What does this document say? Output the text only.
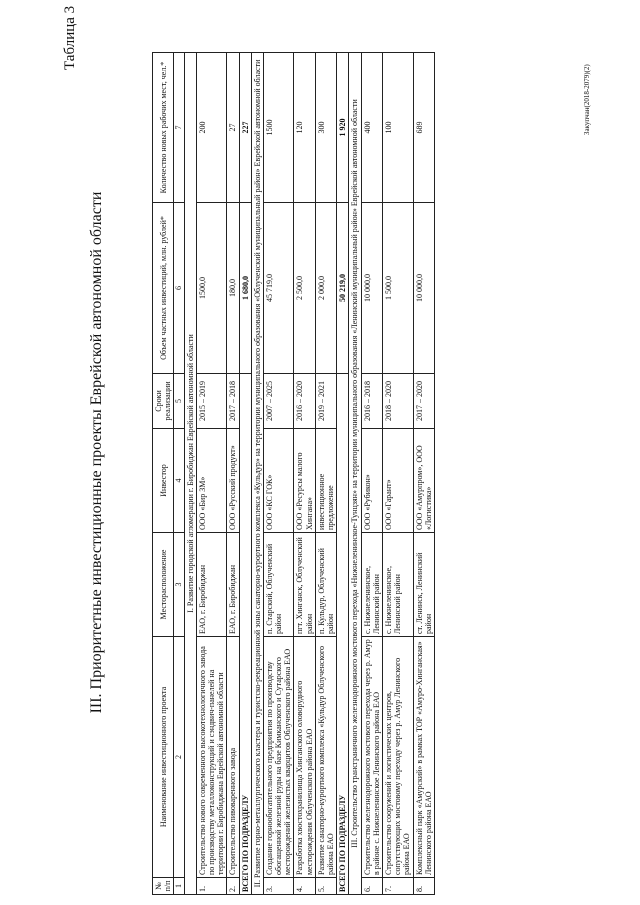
Таблица 3
III. Приоритетные инвестиционные проекты Еврейской автономной области
№ п/п	Наименование инвестиционного проекта	Месторасположение	Инвестор	Сроки реализации	Объем частных инвестиций, млн. рублей*	Количество новых рабочих мест, чел.*
1	2	3	4	5	6	7
I. Развитие городской агломерации г. Биробиджан Еврейской автономной области						
1.	Строительство нового современного высокотехнологичного завода по производству металлоконструкций и сэндвич-панелей на территории г. Биробиджана Еврейской автономной области	ЕАО, г. Биробиджан	ООО «Бир ЗМ»	2015 – 2019	1500,0	200
2.	Строительство пивоваренного завода	ЕАО, г. Биробиджан	ООО «Русский продукт»	2017 – 2018	180,0	27
ВСЕГО ПО ПОДРАЗДЕЛУ					1 680,0	227
II. Развитие горно-металлургического кластера и туристско-рекреационной зоны санаторно-курортного комплекса «Кульдур» на территории муниципального образования «Облученский муниципальный район» Еврейской автономной области						
3.	Создание горнообогатительного предприятия по производству обогащенной железной руды на базе Кимканского и Сутарского месторождений железистых кварцитов Облученского района ЕАО	п. Старский, Облученский район	ООО «КС ГОК»	2007 – 2025	45 719,0	1500
4.	Разработка хвостохранилища Хинганского оловорудного месторождения Облученского района ЕАО	пгт. Хинганск, Облученский район	ООО «Ресурсы малого Хингана»	2016 – 2020	2 500,0	120
5.	Развитие санаторно-курортного комплекса «Кульдур Облученского района ЕАО	п. Кульдур, Облученский район	инвестиционное предложение	2019 – 2021	2 000,0	300
ВСЕГО ПО ПОДРАЗДЕЛУ					50 219,0	1 920
III. Строительство трансграничного железнодорожного мостового перехода «Нижнеленинское-Тунцзян» на территории муниципального образования «Ленинский муниципальный район» Еврейской автономной области						
6.	Строительство железнодорожного мостового перехода через р. Амур в районе с. Нижнеленинское Ленинского района ЕАО	с. Нижнеленинское, Ленинский район	ООО «Рубикон»	2016 – 2018	10 000,0	400
7.	Строительство сооружений и логистических центров, сопутствующих мостовому переходу через р. Амур Ленинского района ЕАО	с. Нижнеленинское, Ленинский район	ООО «Гарант»	2018 – 2020	1 500,0	100
8.	Комплексный парк «Амурский» в рамках ТОР «Амуро-Хинганская» Ленинского района ЕАО	ст. Ленинск, Ленинский район	ООО «Амурпром», ООО «Логистика»	2017 – 2020	10 000,0	689	Закупчан(2018-2079)(2)
